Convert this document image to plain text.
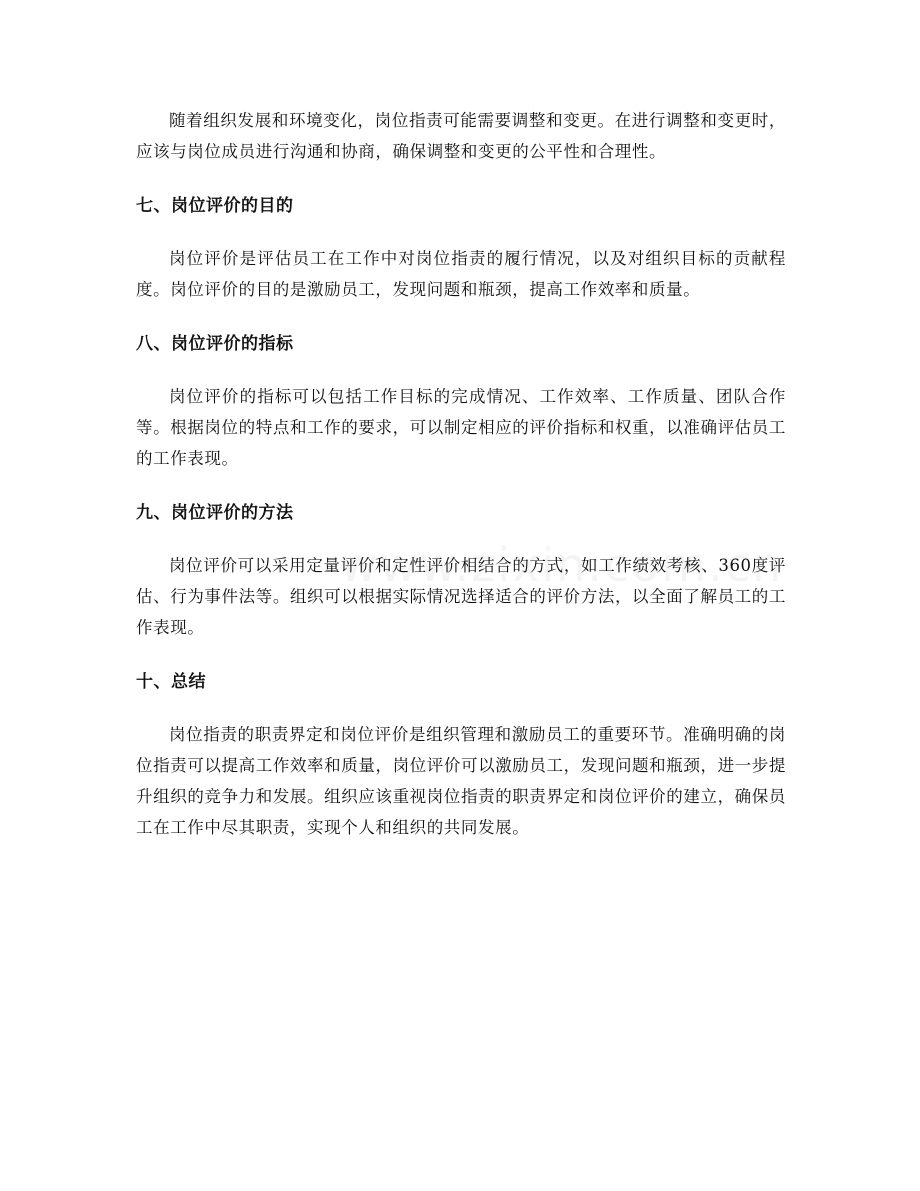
随着组织发展和环境变化，岗位指责可能需要调整和变更。在进行调整和变更时，应该与岗位成员进行沟通和协商，确保调整和变更的公平性和合理性。

七、岗位评价的目的

岗位评价是评估员工在工作中对岗位指责的履行情况，以及对组织目标的贡献程度。岗位评价的目的是激励员工，发现问题和瓶颈，提高工作效率和质量。

八、岗位评价的指标

岗位评价的指标可以包括工作目标的完成情况、工作效率、工作质量、团队合作等。根据岗位的特点和工作的要求，可以制定相应的评价指标和权重，以准确评估员工的工作表现。

九、岗位评价的方法

岗位评价可以采用定量评价和定性评价相结合的方式，如工作绩效考核、360度评估、行为事件法等。组织可以根据实际情况选择适合的评价方法，以全面了解员工的工作表现。

十、总结

岗位指责的职责界定和岗位评价是组织管理和激励员工的重要环节。准确明确的岗位指责可以提高工作效率和质量，岗位评价可以激励员工，发现问题和瓶颈，进一步提升组织的竞争力和发展。组织应该重视岗位指责的职责界定和岗位评价的建立，确保员工在工作中尽其职责，实现个人和组织的共同发展。
